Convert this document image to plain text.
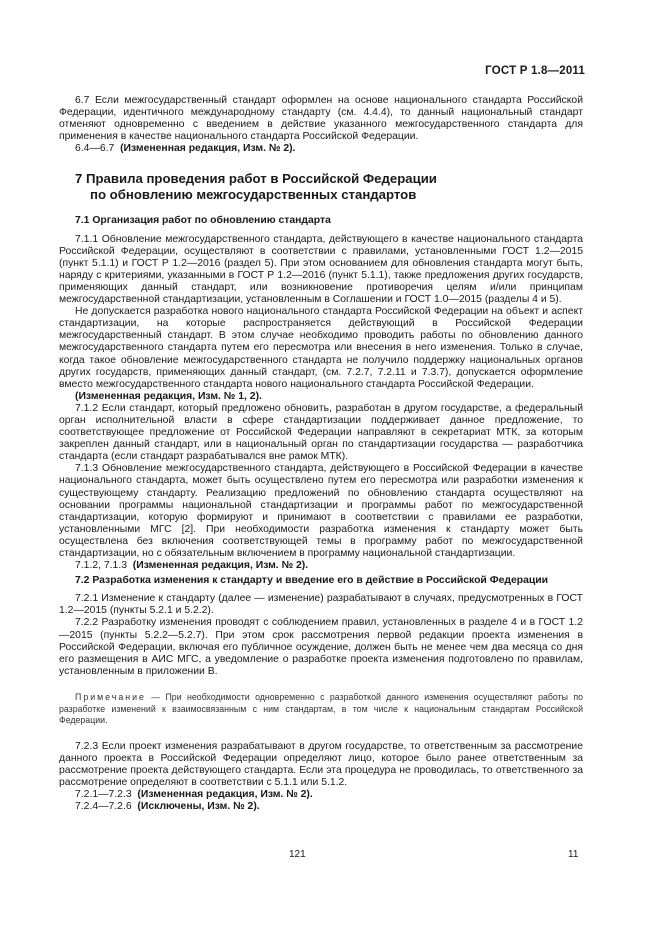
ГОСТ Р 1.8—2011

6.7 Если межгосударственный стандарт оформлен на основе национального стандарта Российской Федерации, идентичного международному стандарту (см. 4.4.4), то данный национальный стандарт отменяют одновременно с введением в действие указанного межгосударственного стандарта для применения в качестве национального стандарта Российской Федерации.

6.4—6.7 (Измененная редакция, Изм. № 2).

7 Правила проведения работ в Российской Федерации
по обновлению межгосударственных стандартов
7.1 Организация работ по обновлению стандарта

7.1.1 Обновление межгосударственного стандарта, действующего в качестве национального стандарта Российской Федерации, осуществляют в соответствии с правилами, установленными ГОСТ 1.2—2015 (пункт 5.1.1) и ГОСТ Р 1.2—2016 (раздел 5). При этом основанием для обновления стандарта могут быть, наряду с критериями, указанными в ГОСТ Р 1.2—2016 (пункт 5.1.1), также предложения других государств, применяющих данный стандарт, или возникновение противоречия целям и/или принципам межгосударственной стандартизации, установленным в Соглашении и ГОСТ 1.0—2015 (разделы 4 и 5).

Не допускается разработка нового национального стандарта Российской Федерации на объект и аспект стандартизации, на которые распространяется действующий в Российской Федерации межгосударственный стандарт. В этом случае необходимо проводить работы по обновлению данного межгосударственного стандарта путем его пересмотра или внесения в него изменения. Только в случае, когда такое обновление межгосударственного стандарта не получило поддержку национальных органов других государств, применяющих данный стандарт, (см. 7.2.7, 7.2.11 и 7.3.7), допускается оформление вместо межгосударственного стандарта нового национального стандарта Российской Федерации.

(Измененная редакция, Изм. № 1, 2).

7.1.2 Если стандарт, который предложено обновить, разработан в другом государстве, а федеральный орган исполнительной власти в сфере стандартизации поддерживает данное предложение, то соответствующее предложение от Российской Федерации направляют в секретариат МТК, за которым закреплен данный стандарт, или в национальный орган по стандартизации государства — разработчика стандарта (если стандарт разрабатывался вне рамок МТК).

7.1.3 Обновление межгосударственного стандарта, действующего в Российской Федерации в качестве национального стандарта, может быть осуществлено путем его пересмотра или разработки изменения к существующему стандарту. Реализацию предложений по обновлению стандарта осуществляют на основании программы национальной стандартизации и программы работ по межгосударственной стандартизации, которую формируют и принимают в соответствии с правилами ее разработки, установленными МГС [2]. При необходимости разработка изменения к стандарту может быть осуществлена без включения соответствующей темы в программу работ по межгосударственной стандартизации, но с обязательным включением в программу национальной стандартизации.

7.1.2, 7.1.3 (Измененная редакция, Изм. № 2).

7.2 Разработка изменения к стандарту и введение его в действие в Российской Федерации

7.2.1 Изменение к стандарту (далее — изменение) разрабатывают в случаях, предусмотренных в ГОСТ 1.2—2015 (пункты 5.2.1 и 5.2.2).

7.2.2 Разработку изменения проводят с соблюдением правил, установленных в разделе 4 и в ГОСТ 1.2—2015 (пункты 5.2.2—5.2.7). При этом срок рассмотрения первой редакции проекта изменения в Российской Федерации, включая его публичное осуждение, должен быть не менее чем два месяца со дня его размещения в АИС МГС, а уведомление о разработке проекта изменения подготовлено по правилам, установленным в приложении В.

Примечание — При необходимости одновременно с разработкой данного изменения осуществляют работы по разработке изменений к взаимосвязанным с ним стандартам, в том числе к национальным стандартам Российской Федерации.

7.2.3 Если проект изменения разрабатывают в другом государстве, то ответственным за рассмотрение данного проекта в Российской Федерации определяют лицо, которое было ранее ответственным за рассмотрение проекта действующего стандарта. Если эта процедура не проводилась, то ответственного за рассмотрение определяют в соответствии с 5.1.1 или 5.1.2.

7.2.1—7.2.3 (Измененная редакция, Изм. № 2).

7.2.4—7.2.6 (Исключены, Изм. № 2).

121	11
